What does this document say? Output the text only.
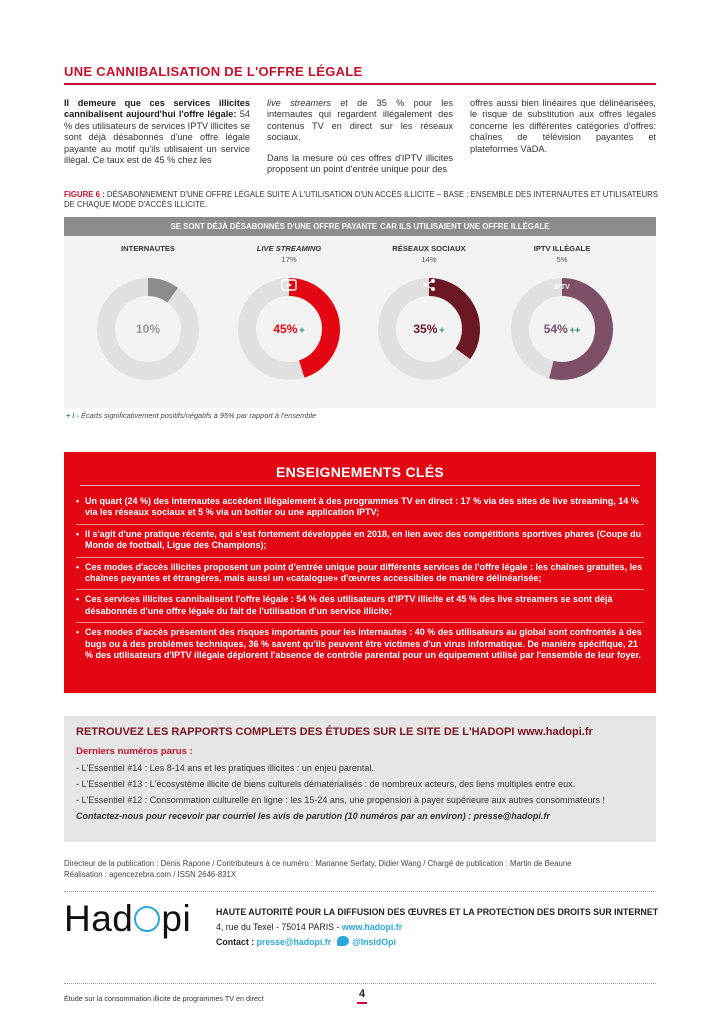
UNE CANNIBALISATION DE L'OFFRE LÉGALE

Il demeure que ces services illicites cannibalisent aujourd'hui l'offre légale: 54 % des utilisateurs de services IPTV illicites se sont déjà désabonnés d'une offre légale payante au motif qu'ils utilisaient un service illégal. Ce taux est de 45 % chez les

live streamers et de 35 % pour les internautes qui regardent illégalement des contenus TV en direct sur les réseaux sociaux.

Dans la mesure où ces offres d'IPTV illicites proposent un point d'entrée unique pour des

offres aussi bien linéaires que délinéarisées, le risque de substitution aux offres légales concerne les différentes catégories d'offres: chaînes de télévision payantes et plateformes VàDA.

FIGURE 6 : DÉSABONNEMENT D'UNE OFFRE LÉGALE SUITE À L'UTILISATION D'UN ACCÈS ILLICITE – BASE : ENSEMBLE DES INTERNAUTES ET UTILISATEURS DE CHAQUE MODE D'ACCÈS ILLICITE.
SE SONT DÉJÀ DÉSABONNÉS D'UNE OFFRE PAYANTE CAR ILS UTILISAIENT UNE OFFRE ILLÉGALE
INTERNAUTES
10%
LIVE STREAMING
17%
45% +
RÉSEAUX SOCIAUX
14%
35% +
IPTV ILLÉGALE
5%
54% ++
IPTV
+ / - Écarts significativement positifs/négatifs à 95% par rapport à l'ensemble
ENSEIGNEMENTS CLÉS
• Un quart (24 %) des internautes accèdent illégalement à des programmes TV en direct : 17 % via des sites de live streaming, 14 % via les réseaux sociaux et 5 % via un boîtier ou une application IPTV;
• Il s'agit d'une pratique récente, qui s'est fortement développée en 2018, en lien avec des compétitions sportives phares (Coupe du Monde de football, Ligue des Champions);
• Ces modes d'accès illicites proposent un point d'entrée unique pour différents services de l'offre légale : les chaînes gratuites, les chaînes payantes et étrangères, mais aussi un «catalogue» d'œuvres accessibles de manière délinéarisée;
• Ces services illicites cannibalisent l'offre légale : 54 % des utilisateurs d'IPTV illicite et 45 % des live streamers se sont déjà désabonnés d'une offre légale du fait de l'utilisation d'un service illicite;
• Ces modes d'accès présentent des risques importants pour les internautes : 40 % des utilisateurs au global sont confrontés à des bugs ou à des problèmes techniques, 36 % savent qu'ils peuvent être victimes d'un virus informatique. De manière spécifique, 21 % des utilisateurs d'IPTV illégale déplorent l'absence de contrôle parental pour un équipement utilisé par l'ensemble de leur foyer.
RETROUVEZ LES RAPPORTS COMPLETS DES ÉTUDES SUR LE SITE DE L'HADOPI www.hadopi.fr
Derniers numéros parus :
- L'Essentiel #14 : Les 8-14 ans et les pratiques illicites : un enjeu parental.
- L'Essentiel #13 : L'écosystème illicite de biens culturels dématérialisés : de nombreux acteurs, des liens multiples entre eux.
- L'Essentiel #12 : Consommation culturelle en ligne : les 15-24 ans, une propension à payer supérieure aux autres consommateurs !
Contactez-nous pour recevoir par courriel les avis de parution (10 numéros par an environ) : presse@hadopi.fr
Directeur de la publication : Denis Rapone / Contributeurs à ce numéro : Marianne Serfaty, Didier Wang / Chargé de publication : Martin de Beaune
Réalisation : agencezebra.com / ISSN 2646-831X
Had pi	HAUTE AUTORITÉ POUR LA DIFFUSION DES ŒUVRES ET LA PROTECTION DES DROITS SUR INTERNET
4, rue du Texel - 75014 PARIS - www.hadopi.fr
Contact : presse@hadopi.fr @InsidOpi
Étude sur la consommation illicite de programmes TV en direct	4
